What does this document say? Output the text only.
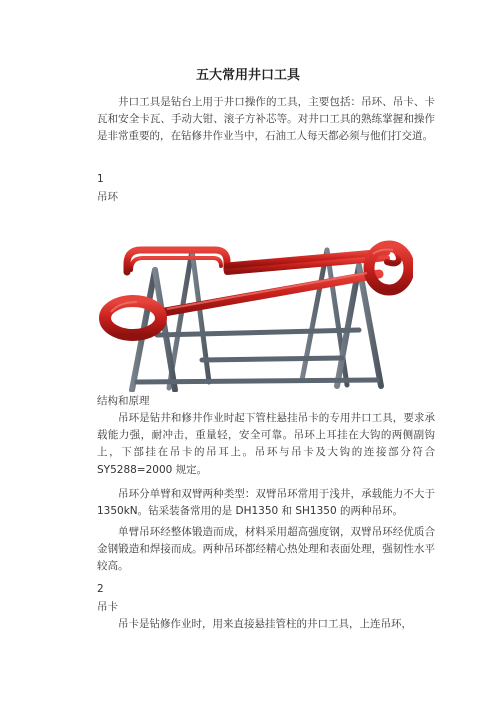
五大常用井口工具

井口工具是钻台上用于井口操作的工具，主要包括：吊环、吊卡、卡瓦和安全卡瓦、手动大钳、滚子方补芯等。对井口工具的熟练掌握和操作是非常重要的，在钻修井作业当中，石油工人每天都必须与他们打交道。

1
吊环
结构和原理

吊环是钻井和修井作业时起下管柱悬挂吊卡的专用井口工具，要求承载能力强，耐冲击，重量轻，安全可靠。吊环上耳挂在大钩的两侧副钩上，下部挂在吊卡的吊耳上。吊环与吊卡及大钩的连接部分符合 SY5288=2000 规定。

吊环分单臂和双臂两种类型：双臂吊环常用于浅井，承载能力不大于 1350kN。钻采装备常用的是 DH1350 和 SH1350 的两种吊环。

单臂吊环经整体锻造而成，材料采用超高强度钢，双臂吊环经优质合金钢锻造和焊接而成。两种吊环都经精心热处理和表面处理，强韧性水平较高。

2
吊卡

吊卡是钻修作业时，用来直接悬挂管柱的井口工具，上连吊环，
